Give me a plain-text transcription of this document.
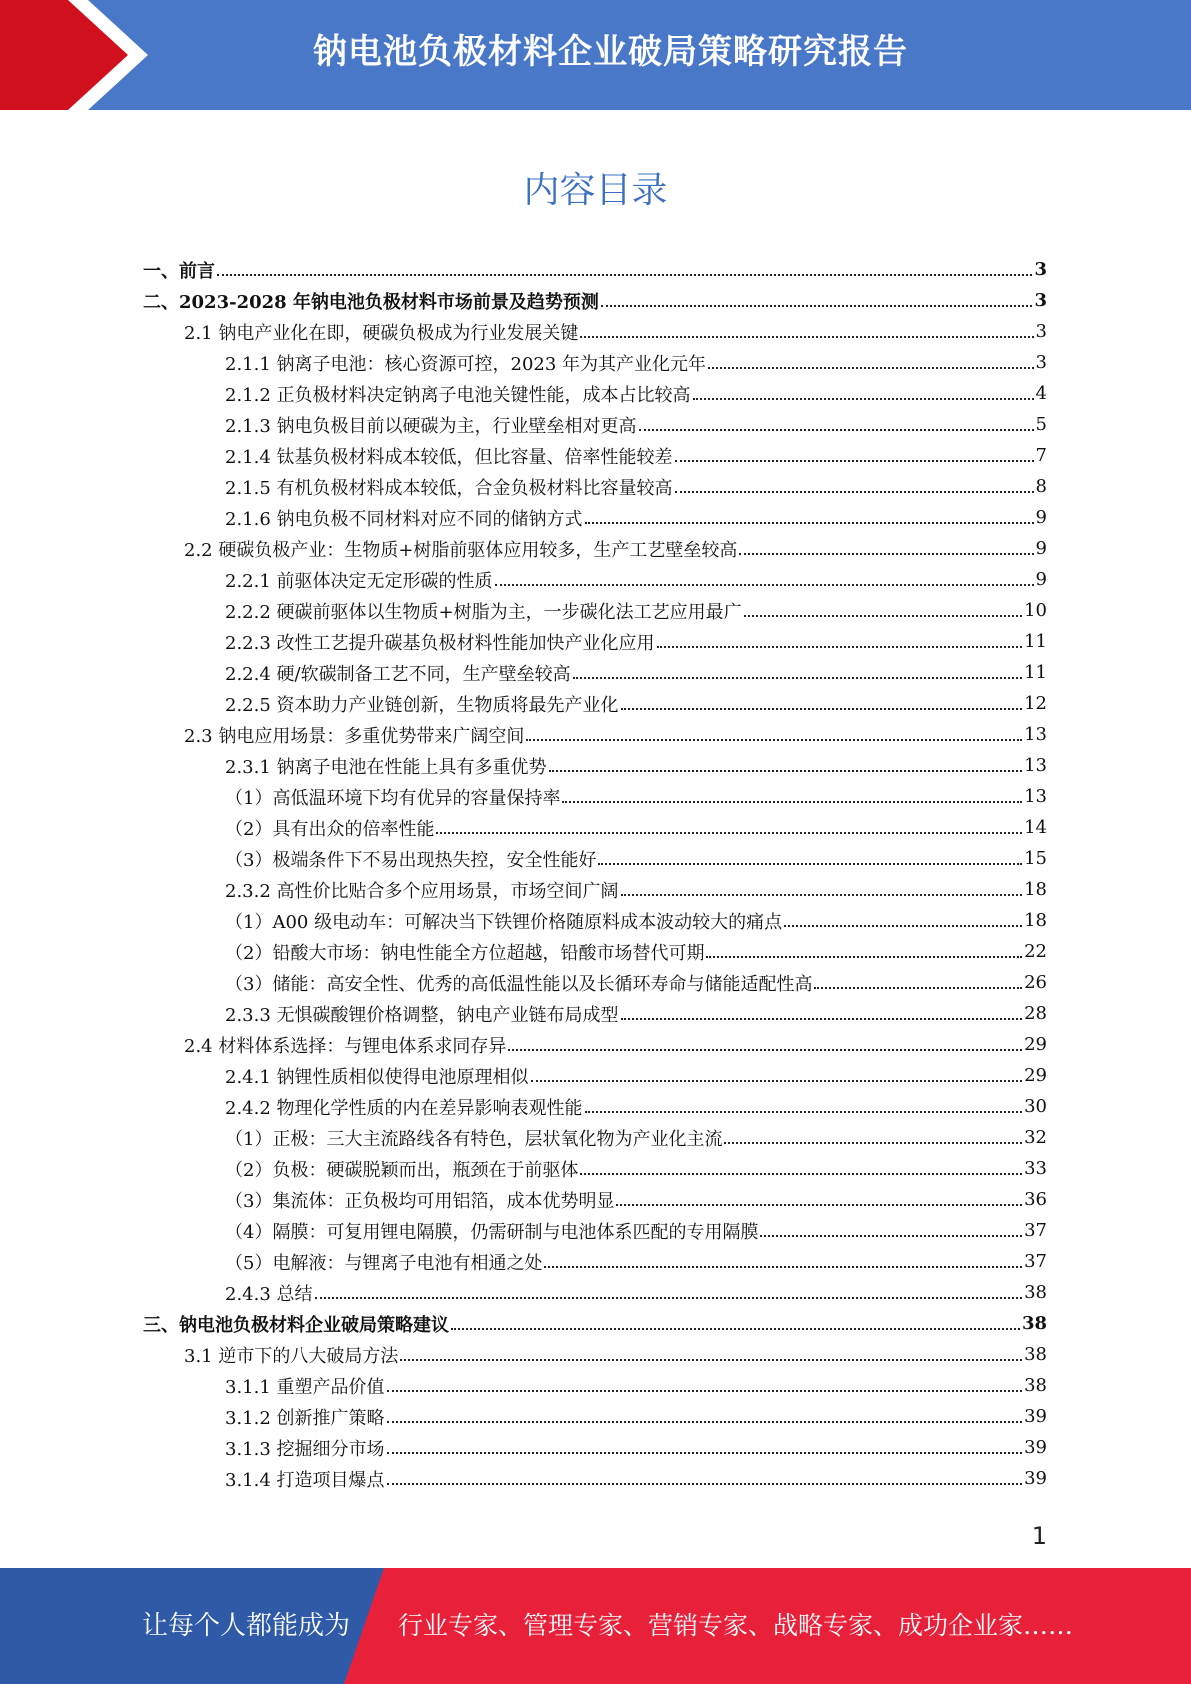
钠电池负极材料企业破局策略研究报告
内容目录
一、前言	3
二、2023-2028 年钠电池负极材料市场前景及趋势预测	3
2.1 钠电产业化在即，硬碳负极成为行业发展关键	3
2.1.1 钠离子电池：核心资源可控，2023 年为其产业化元年	3
2.1.2 正负极材料决定钠离子电池关键性能，成本占比较高	4
2.1.3 钠电负极目前以硬碳为主，行业壁垒相对更高	5
2.1.4 钛基负极材料成本较低，但比容量、倍率性能较差	7
2.1.5 有机负极材料成本较低，合金负极材料比容量较高	8
2.1.6 钠电负极不同材料对应不同的储钠方式	9
2.2 硬碳负极产业：生物质+树脂前驱体应用较多，生产工艺壁垒较高	9
2.2.1 前驱体决定无定形碳的性质	9
2.2.2 硬碳前驱体以生物质+树脂为主，一步碳化法工艺应用最广	10
2.2.3 改性工艺提升碳基负极材料性能加快产业化应用	11
2.2.4 硬/软碳制备工艺不同，生产壁垒较高	11
2.2.5 资本助力产业链创新，生物质将最先产业化	12
2.3 钠电应用场景：多重优势带来广阔空间	13
2.3.1 钠离子电池在性能上具有多重优势	13
（1）高低温环境下均有优异的容量保持率	13
（2）具有出众的倍率性能	14
（3）极端条件下不易出现热失控，安全性能好	15
2.3.2 高性价比贴合多个应用场景，市场空间广阔	18
（1）A00 级电动车：可解决当下铁锂价格随原料成本波动较大的痛点	18
（2）铅酸大市场：钠电性能全方位超越，铅酸市场替代可期	22
（3）储能：高安全性、优秀的高低温性能以及长循环寿命与储能适配性高	26
2.3.3 无惧碳酸锂价格调整，钠电产业链布局成型	28
2.4 材料体系选择：与锂电体系求同存异	29
2.4.1 钠锂性质相似使得电池原理相似	29
2.4.2 物理化学性质的内在差异影响表观性能	30
（1）正极：三大主流路线各有特色，层状氧化物为产业化主流	32
（2）负极：硬碳脱颖而出，瓶颈在于前驱体	33
（3）集流体：正负极均可用铝箔，成本优势明显	36
（4）隔膜：可复用锂电隔膜，仍需研制与电池体系匹配的专用隔膜	37
（5）电解液：与锂离子电池有相通之处	37
2.4.3 总结	38
三、钠电池负极材料企业破局策略建议	38
3.1 逆市下的八大破局方法	38
3.1.1 重塑产品价值	38
3.1.2 创新推广策略	39
3.1.3 挖掘细分市场	39
3.1.4 打造项目爆点	39
1
让每个人都能成为 行业专家、管理专家、营销专家、战略专家、成功企业家……
